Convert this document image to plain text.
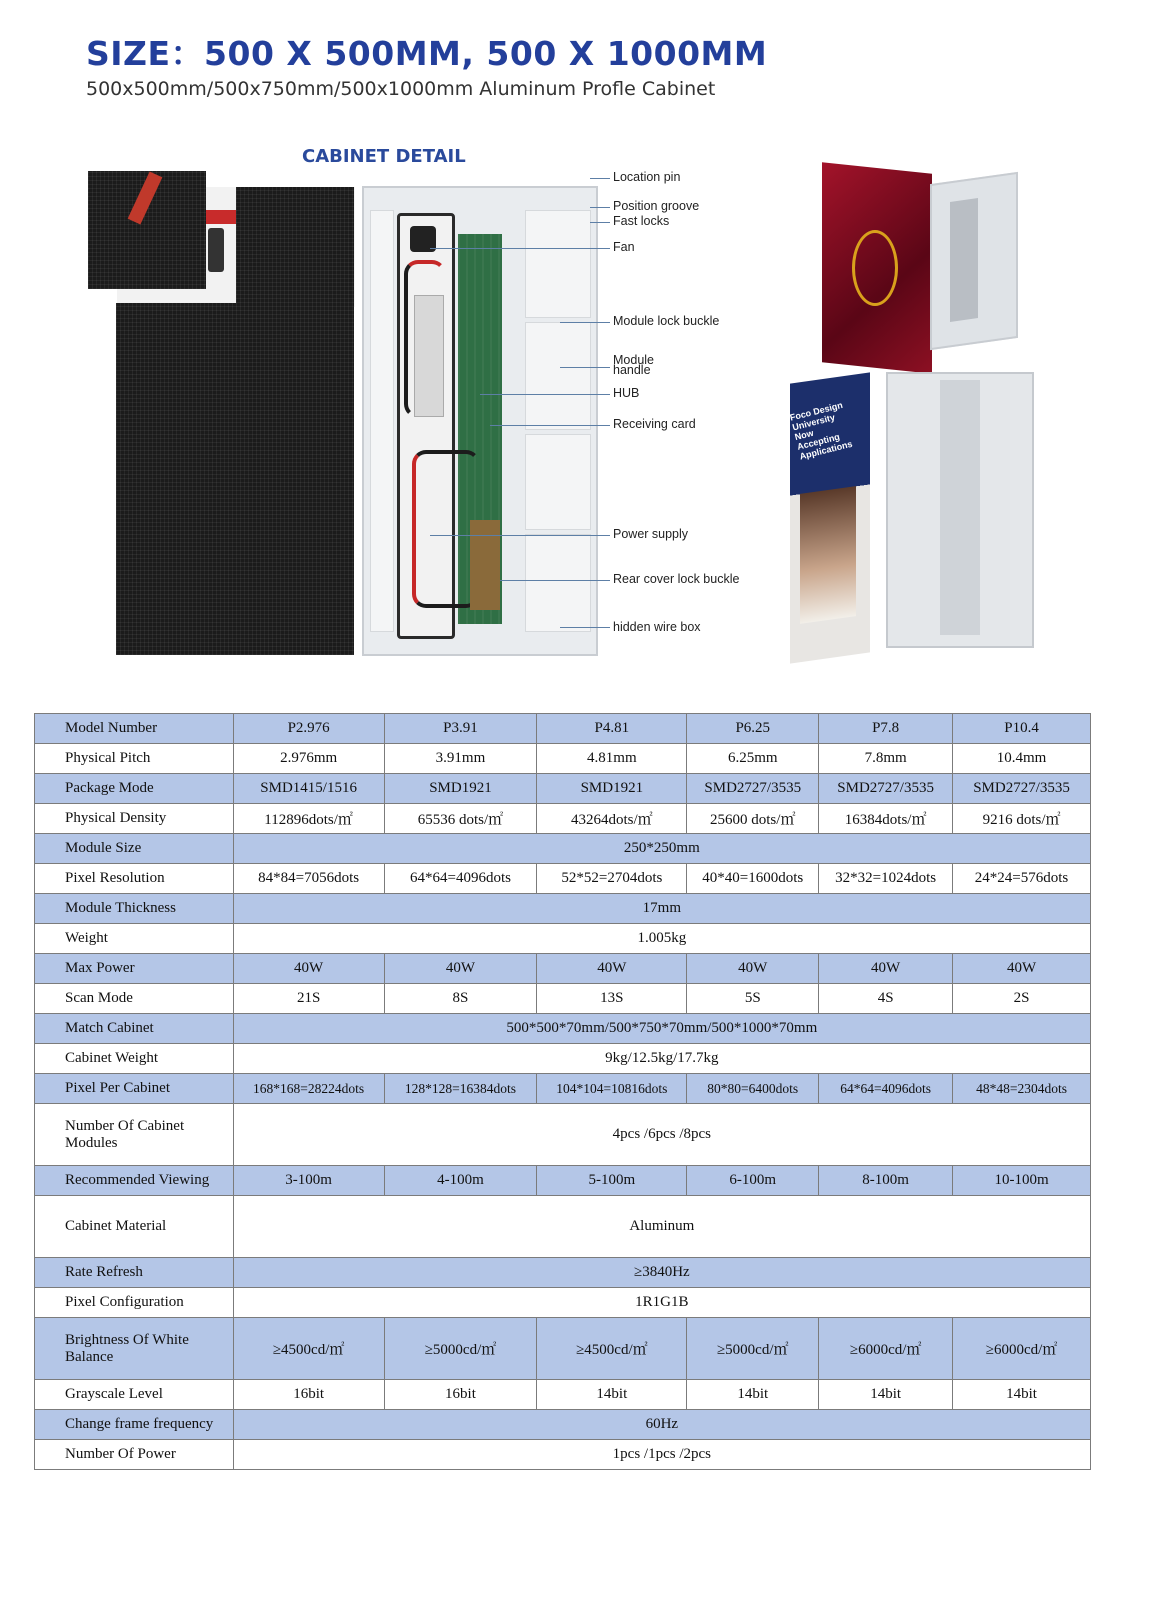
SIZE：500 X 500MM, 500 X 1000MM
500x500mm/500x750mm/500x1000mm Aluminum Profle Cabinet
CABINET DETAIL
Location pin
Position groove
Fast locks
Fan
Module lock buckle
Module handle
HUB
Receiving card
Power supply
Rear cover lock buckle
hidden wire box
Foco Design University Now Accepting Applications
Model Number	P2.976	P3.91	P4.81	P6.25	P7.8	P10.4
Physical Pitch	2.976mm	3.91mm	4.81mm	6.25mm	7.8mm	10.4mm
Package Mode	SMD1415/1516	SMD1921	SMD1921	SMD2727/3535	SMD2727/3535	SMD2727/3535
Physical Density	112896dots/㎡	65536 dots/㎡	43264dots/㎡	25600 dots/㎡	16384dots/㎡	9216 dots/㎡
Module Size	250*250mm					
Pixel Resolution	84*84=7056dots	64*64=4096dots	52*52=2704dots	40*40=1600dots	32*32=1024dots	24*24=576dots
Module Thickness	17mm					
Weight	1.005kg					
Max Power	40W	40W	40W	40W	40W	40W
Scan Mode	21S	8S	13S	5S	4S	2S
Match Cabinet	500*500*70mm/500*750*70mm/500*1000*70mm					
Cabinet Weight	9kg/12.5kg/17.7kg					
Pixel Per Cabinet	168*168=28224dots	128*128=16384dots	104*104=10816dots	80*80=6400dots	64*64=4096dots	48*48=2304dots
Number Of Cabinet Modules	4pcs /6pcs /8pcs					
Recommended Viewing	3-100m	4-100m	5-100m	6-100m	8-100m	10-100m
Cabinet Material	Aluminum					
Rate Refresh	≥3840Hz					
Pixel Configuration	1R1G1B					
Brightness Of White Balance	≥4500cd/㎡	≥5000cd/㎡	≥4500cd/㎡	≥5000cd/㎡	≥6000cd/㎡	≥6000cd/㎡
Grayscale Level	16bit	16bit	14bit	14bit	14bit	14bit
Change frame frequency	60Hz					
Number Of Power	1pcs /1pcs /2pcs					
